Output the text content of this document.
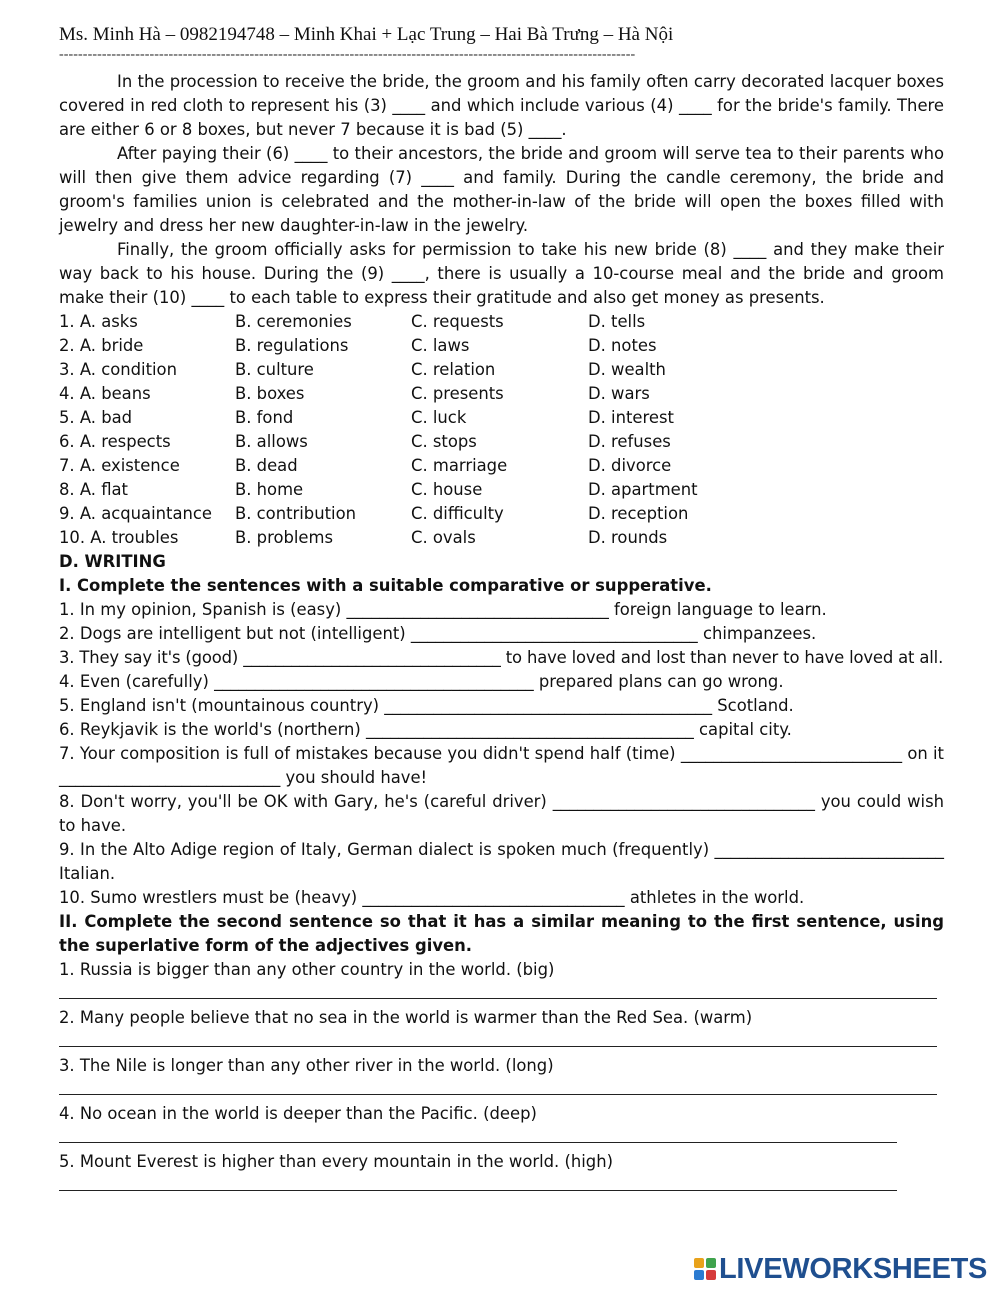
Ms. Minh Hà – 0982194748 – Minh Khai + Lạc Trung – Hai Bà Trưng – Hà Nội
-------------------------------------------------------------------------------------------------------------------------

In the procession to receive the bride, the groom and his family often carry decorated lacquer boxes covered in red cloth to represent his (3) ____ and which include various (4) ____ for the bride's family. There are either 6 or 8 boxes, but never 7 because it is bad (5) ____.

After paying their (6) ____ to their ancestors, the bride and groom will serve tea to their parents who will then give them advice regarding (7) ____ and family. During the candle ceremony, the bride and groom's families union is celebrated and the mother-in-law of the bride will open the boxes filled with jewelry and dress her new daughter-in-law in the jewelry.

Finally, the groom officially asks for permission to take his new bride (8) ____ and they make their way back to his house. During the (9) ____, there is usually a 10-course meal and the bride and groom make their (10) ____ to each table to express their gratitude and also get money as presents.

1. A. asks	B. ceremonies	C. requests	D. tells
2. A. bride	B. regulations	C. laws	D. notes
3. A. condition	B. culture	C. relation	D. wealth
4. A. beans	B. boxes	C. presents	D. wars
5. A. bad	B. fond	C. luck	D. interest
6. A. respects	B. allows	C. stops	D. refuses
7. A. existence	B. dead	C. marriage	D. divorce
8. A. flat	B. home	C. house	D. apartment
9. A. acquaintance	B. contribution	C. difficulty	D. reception
10. A. troubles	B. problems	C. ovals	D. rounds
D. WRITING
I. Complete the sentences with a suitable comparative or supperative.
1. In my opinion, Spanish is (easy) ________________________________ foreign language to learn.
2. Dogs are intelligent but not (intelligent) ___________________________________ chimpanzees.
3. They say it's (good) ________________________________ to have loved and lost than never to have loved at all.
4. Even (carefully) _______________________________________ prepared plans can go wrong.
5. England isn't (mountainous country) ________________________________________ Scotland.
6. Reykjavik is the world's (northern) ________________________________________ capital city.

7. Your composition is full of mistakes because you didn't spend half (time) ___________________________ on it ___________________________ you should have!

8. Don't worry, you'll be OK with Gary, he's (careful driver) ________________________________ you could wish to have.

9. In the Alto Adige region of Italy, German dialect is spoken much (frequently) ____________________________ Italian.

10. Sumo wrestlers must be (heavy) ________________________________ athletes in the world.

II. Complete the second sentence so that it has a similar meaning to the first sentence, using the superlative form of the adjectives given.

1. Russia is bigger than any other country in the world. (big)
2. Many people believe that no sea in the world is warmer than the Red Sea. (warm)
3. The Nile is longer than any other river in the world. (long)
4. No ocean in the world is deeper than the Pacific. (deep)
5. Mount Everest is higher than every mountain in the world. (high)
LIVEWORKSHEETS
